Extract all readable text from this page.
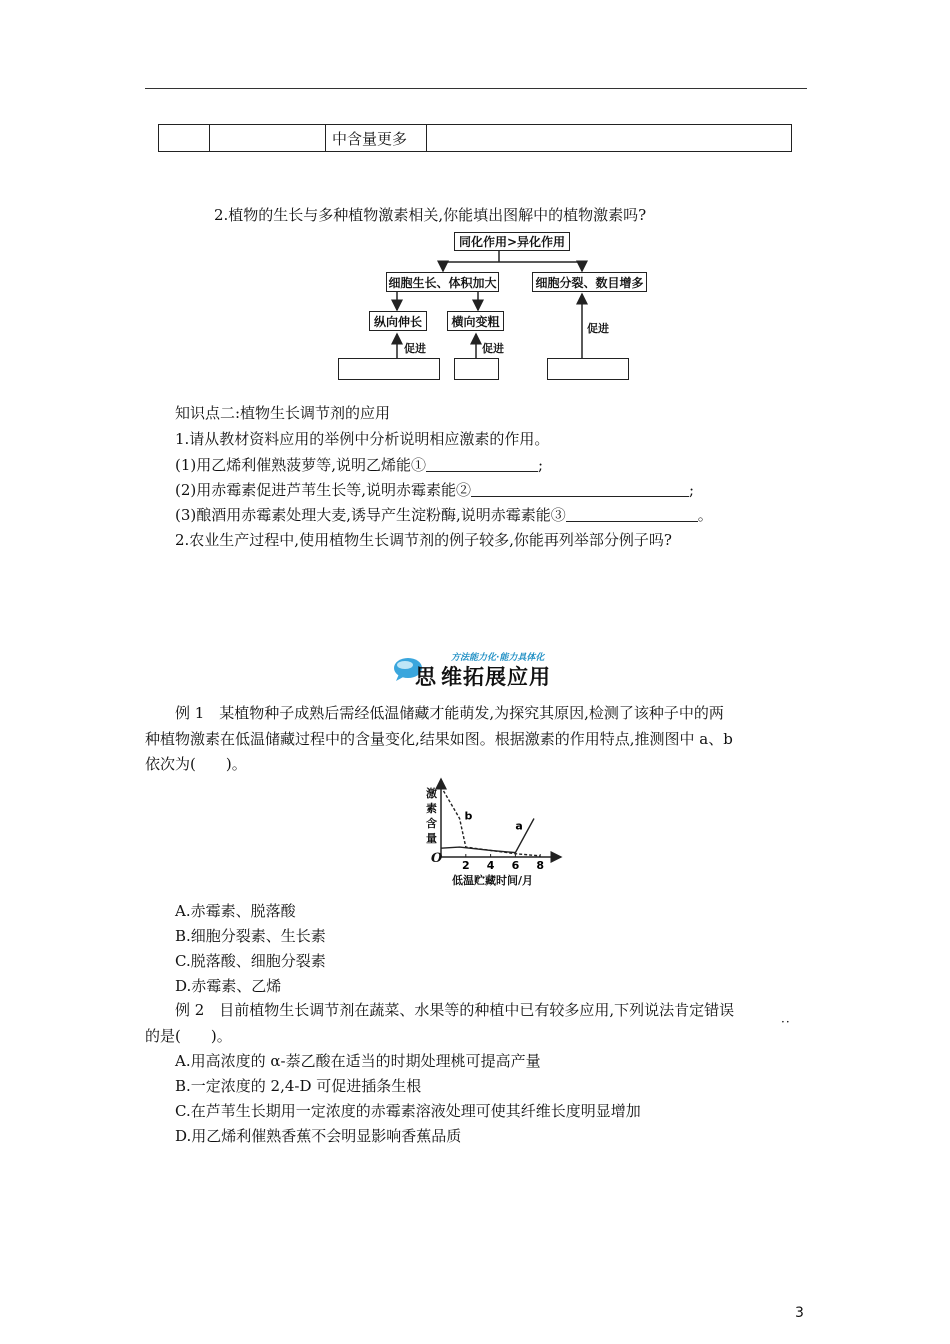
		中含量更多	
2.植物的生长与多种植物激素相关,你能填出图解中的植物激素吗?
同化作用>异化作用
细胞生长、体积加大	细胞分裂、数目增多
纵向伸长	横向变粗
促进	促进
促进
知识点二:植物生长调节剂的应用
1.请从教材资料应用的举例中分析说明相应激素的作用。
(1)用乙烯利催熟菠萝等,说明乙烯能①	;
(2)用赤霉素促进芦苇生长等,说明赤霉素能②	;
(3)酿酒用赤霉素处理大麦,诱导产生淀粉酶,说明赤霉素能③	。
2.农业生产过程中,使用植物生长调节剂的例子较多,你能再列举部分例子吗?
方法能力化·能力具体化
思 维拓展应用
例 1　某植物种子成熟后需经低温储藏才能萌发,为探究其原因,检测了该种子中的两
种植物激素在低温储藏过程中的含量变化,结果如图。根据激素的作用特点,推测图中 a、b
依次为(　　)。
2 4 6 8
a
b
激素含量
O
低温贮藏时间/月
A.赤霉素、脱落酸
B.细胞分裂素、生长素
C.脱落酸、细胞分裂素
D.赤霉素、乙烯
例 2　目前植物生长调节剂在蔬菜、水果等的种植中已有较多应用,下列说法肯定错误
··
的是(　　)。
A.用高浓度的 α-萘乙酸在适当的时期处理桃可提高产量
B.一定浓度的 2,4-D 可促进插条生根
C.在芦苇生长期用一定浓度的赤霉素溶液处理可使其纤维长度明显增加
D.用乙烯利催熟香蕉不会明显影响香蕉品质
3
